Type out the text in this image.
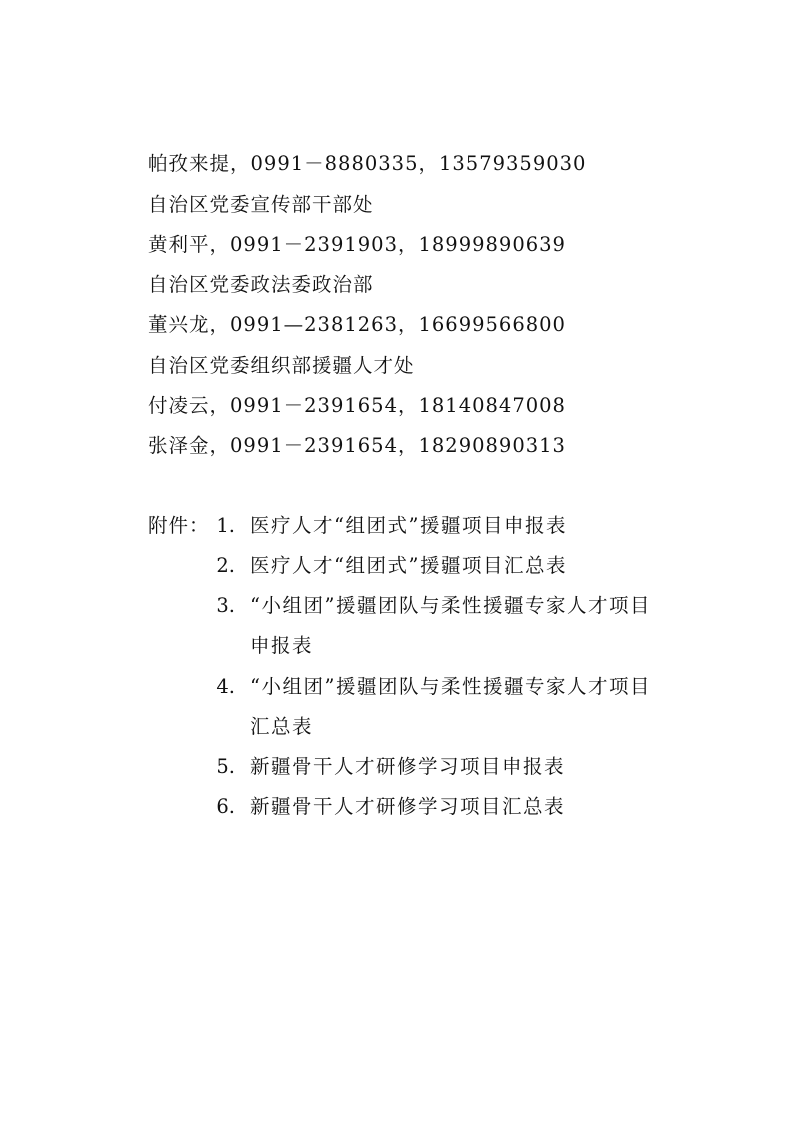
帕孜来提，0991－8880335，13579359030
自治区党委宣传部干部处
黄利平，0991－2391903，18999890639
自治区党委政法委政治部
董兴龙，0991—2381263，16699566800
自治区党委组织部援疆人才处
付凌云，0991－2391654，18140847008
张泽金，0991－2391654，18290890313
附件： 1. 医疗人才“组团式”援疆项目申报表
2. 医疗人才“组团式”援疆项目汇总表
3. “小组团”援疆团队与柔性援疆专家人才项目
申报表
4. “小组团”援疆团队与柔性援疆专家人才项目
汇总表
5. 新疆骨干人才研修学习项目申报表
6. 新疆骨干人才研修学习项目汇总表
